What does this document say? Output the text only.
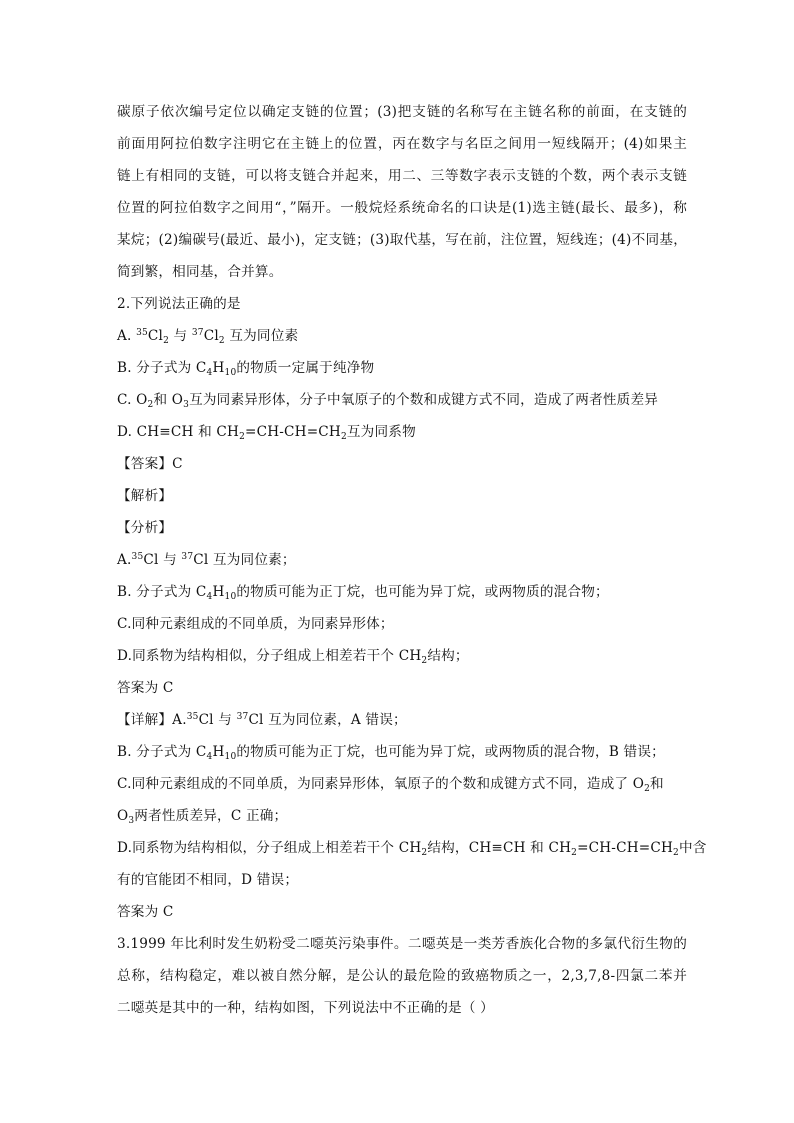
碳原子依次编号定位以确定支链的位置；(3)把支链的名称写在主链名称的前面，在支链的
前面用阿拉伯数字注明它在主链上的位置，丙在数字与名臣之间用一短线隔开；(4)如果主
链上有相同的支链，可以将支链合并起来，用二、三等数字表示支链的个数，两个表示支链
位置的阿拉伯数字之间用“，”隔开。一般烷烃系统命名的口诀是(1)选主链(最长、最多)，称
某烷；(2)编碳号(最近、最小)，定支链；(3)取代基，写在前，注位置，短线连；(4)不同基，
简到繁，相同基，合并算。
2.下列说法正确的是
A. $^{35}Cl_2$ 与 $^{37}Cl_2$ 互为同位素
B. 分子式为 $C_4H_{10}$的物质一定属于纯净物
C. $O_2$和 $O_3$互为同素异形体，分子中氧原子的个数和成键方式不同，造成了两者性质差异
D. CH≡CH 和 $CH_2=CH-CH=CH_2$互为同系物
【答案】C
【解析】
【分析】
A.$^{35}$Cl 与 $^{37}$Cl 互为同位素；
B. 分子式为 $C_4H_{10}$的物质可能为正丁烷，也可能为异丁烷，或两物质的混合物；
C.同种元素组成的不同单质，为同素异形体；
D.同系物为结构相似，分子组成上相差若干个 $CH_2$结构；
答案为 C
【详解】A.$^{35}$Cl 与 $^{37}$Cl 互为同位素，A 错误；
B. 分子式为 $C_4H_{10}$的物质可能为正丁烷，也可能为异丁烷，或两物质的混合物，B 错误；
C.同种元素组成的不同单质，为同素异形体，氧原子的个数和成键方式不同，造成了 $O_2$和
$O_3$两者性质差异，C 正确；
D.同系物为结构相似，分子组成上相差若干个 $CH_2$结构，CH≡CH 和 $CH_2=CH-CH=CH_2$中含
有的官能团不相同，D 错误；
答案为 C
3.1999 年比利时发生奶粉受二噁英污染事件。二噁英是一类芳香族化合物的多氯代衍生物的
总称，结构稳定，难以被自然分解，是公认的最危险的致癌物质之一，2,3,7,8-四氯二苯并
二噁英是其中的一种，结构如图，下列说法中不正确的是（ ）
